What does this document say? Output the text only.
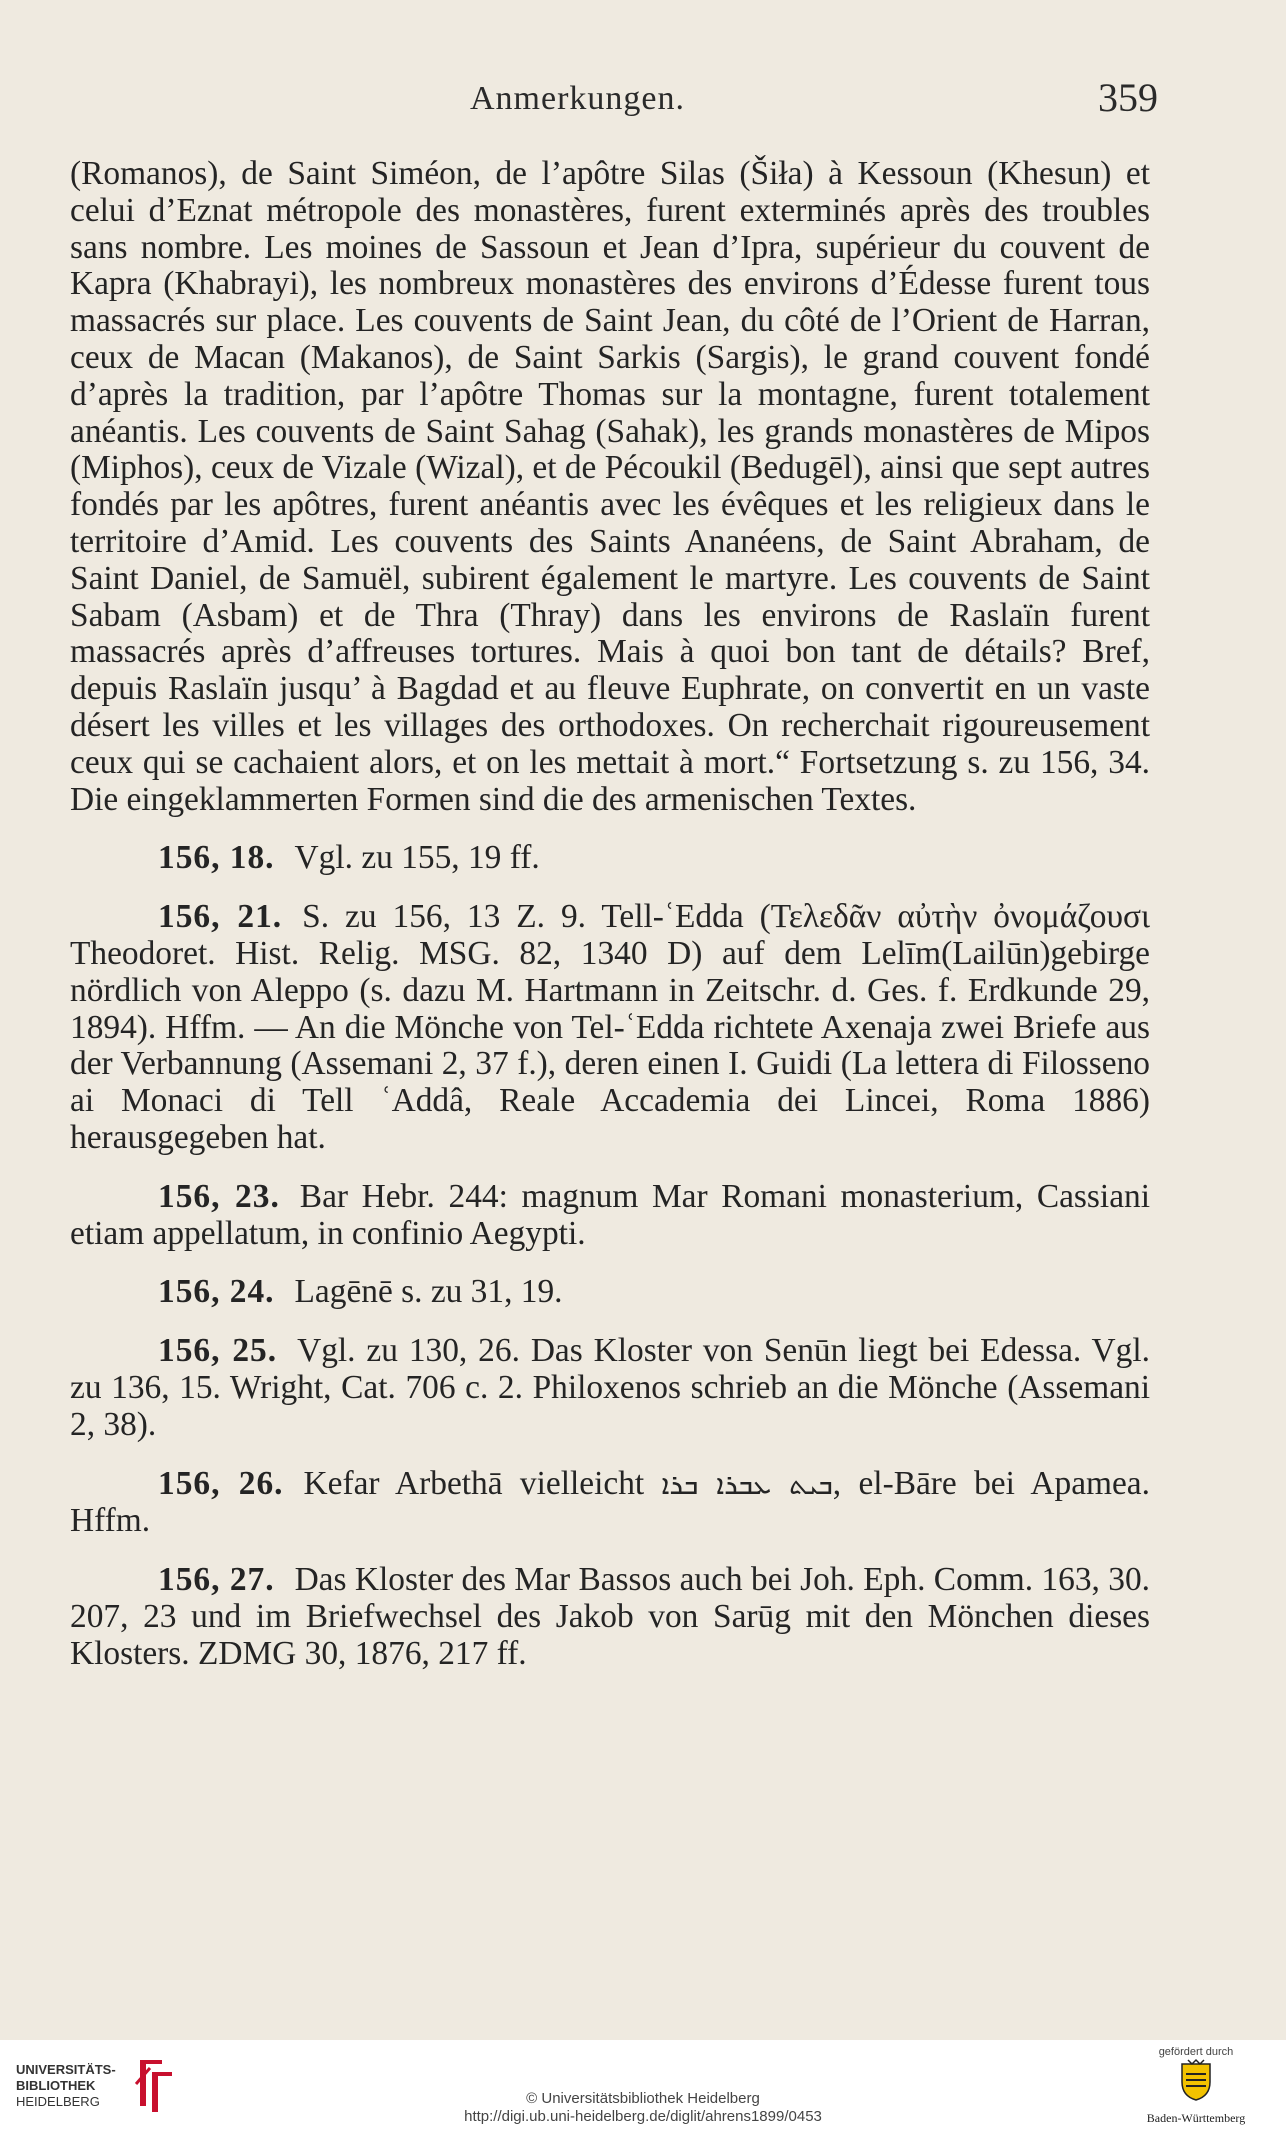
Anmerkungen.	359

(Romanos), de Saint Siméon, de l’apôtre Silas (Šiła) à Kessoun (Khesun) et celui d’Eznat métropole des monastères, furent exterminés après des troubles sans nombre. Les moines de Sassoun et Jean d’Ipra, supérieur du couvent de Kapra (Khabrayi), les nombreux monastères des environs d’Édesse furent tous massacrés sur place. Les couvents de Saint Jean, du côté de l’Orient de Harran, ceux de Macan (Makanos), de Saint Sarkis (Sargis), le grand couvent fondé d’après la tradition, par l’apôtre Thomas sur la montagne, furent totalement anéantis. Les couvents de Saint Sahag (Sahak), les grands monastères de Mipos (Miphos), ceux de Vizale (Wizal), et de Pécoukil (Bedugēl), ainsi que sept autres fondés par les apôtres, furent anéantis avec les évêques et les religieux dans le territoire d’Amid. Les couvents des Saints Ananéens, de Saint Abraham, de Saint Daniel, de Samuël, subirent également le martyre. Les couvents de Saint Sabam (Asbam) et de Thra (Thray) dans les environs de Raslaïn furent massacrés après d’affreuses tortures. Mais à quoi bon tant de détails? Bref, depuis Raslaïn jusqu’ à Bagdad et au fleuve Euphrate, on convertit en un vaste désert les villes et les villages des orthodoxes. On recherchait rigoureusement ceux qui se cachaient alors, et on les mettait à mort.“ Fortsetzung s. zu 156, 34. Die eingeklammerten Formen sind die des armenischen Textes.

156, 18. Vgl. zu 155, 19 ff.

156, 21. S. zu 156, 13 Z. 9. Tell-ʿEdda (Τελεδᾶν αὐτὴν ὀνομάζουσι Theodoret. Hist. Relig. MSG. 82, 1340 D) auf dem Lelīm(Lailūn)gebirge nördlich von Aleppo (s. dazu M. Hartmann in Zeitschr. d. Ges. f. Erdkunde 29, 1894). Hffm. — An die Mönche von Tel-ʿEdda richtete Axenaja zwei Briefe aus der Verbannung (Assemani 2, 37 f.), deren einen I. Guidi (La lettera di Filosseno ai Monaci di Tell ʿAddâ, Reale Accademia dei Lincei, Roma 1886) herausgegeben hat.

156, 23. Bar Hebr. 244: magnum Mar Romani monasterium, Cassiani etiam appellatum, in confinio Aegypti.

156, 24. Lagēnē s. zu 31, 19.

156, 25. Vgl. zu 130, 26. Das Kloster von Senūn liegt bei Edessa. Vgl. zu 136, 15. Wright, Cat. 706 c. 2. Philoxenos schrieb an die Mönche (Assemani 2, 38).

156, 26. Kefar Arbethā vielleicht ܒܝܬ ܥܒܪܐ ܒܪܐ, el-Bāre bei Apamea. Hffm.

156, 27. Das Kloster des Mar Bassos auch bei Joh. Eph. Comm. 163, 30. 207, 23 und im Briefwechsel des Jakob von Sarūg mit den Mönchen dieses Klosters. ZDMG 30, 1876, 217 ff.

UNIVERSITÄTS-
BIBLIOTHEK
HEIDELBERG	© Universitätsbibliothek Heidelberg
http://digi.ub.uni-heidelberg.de/diglit/ahrens1899/0453
gefördert durch
Baden-Württemberg
